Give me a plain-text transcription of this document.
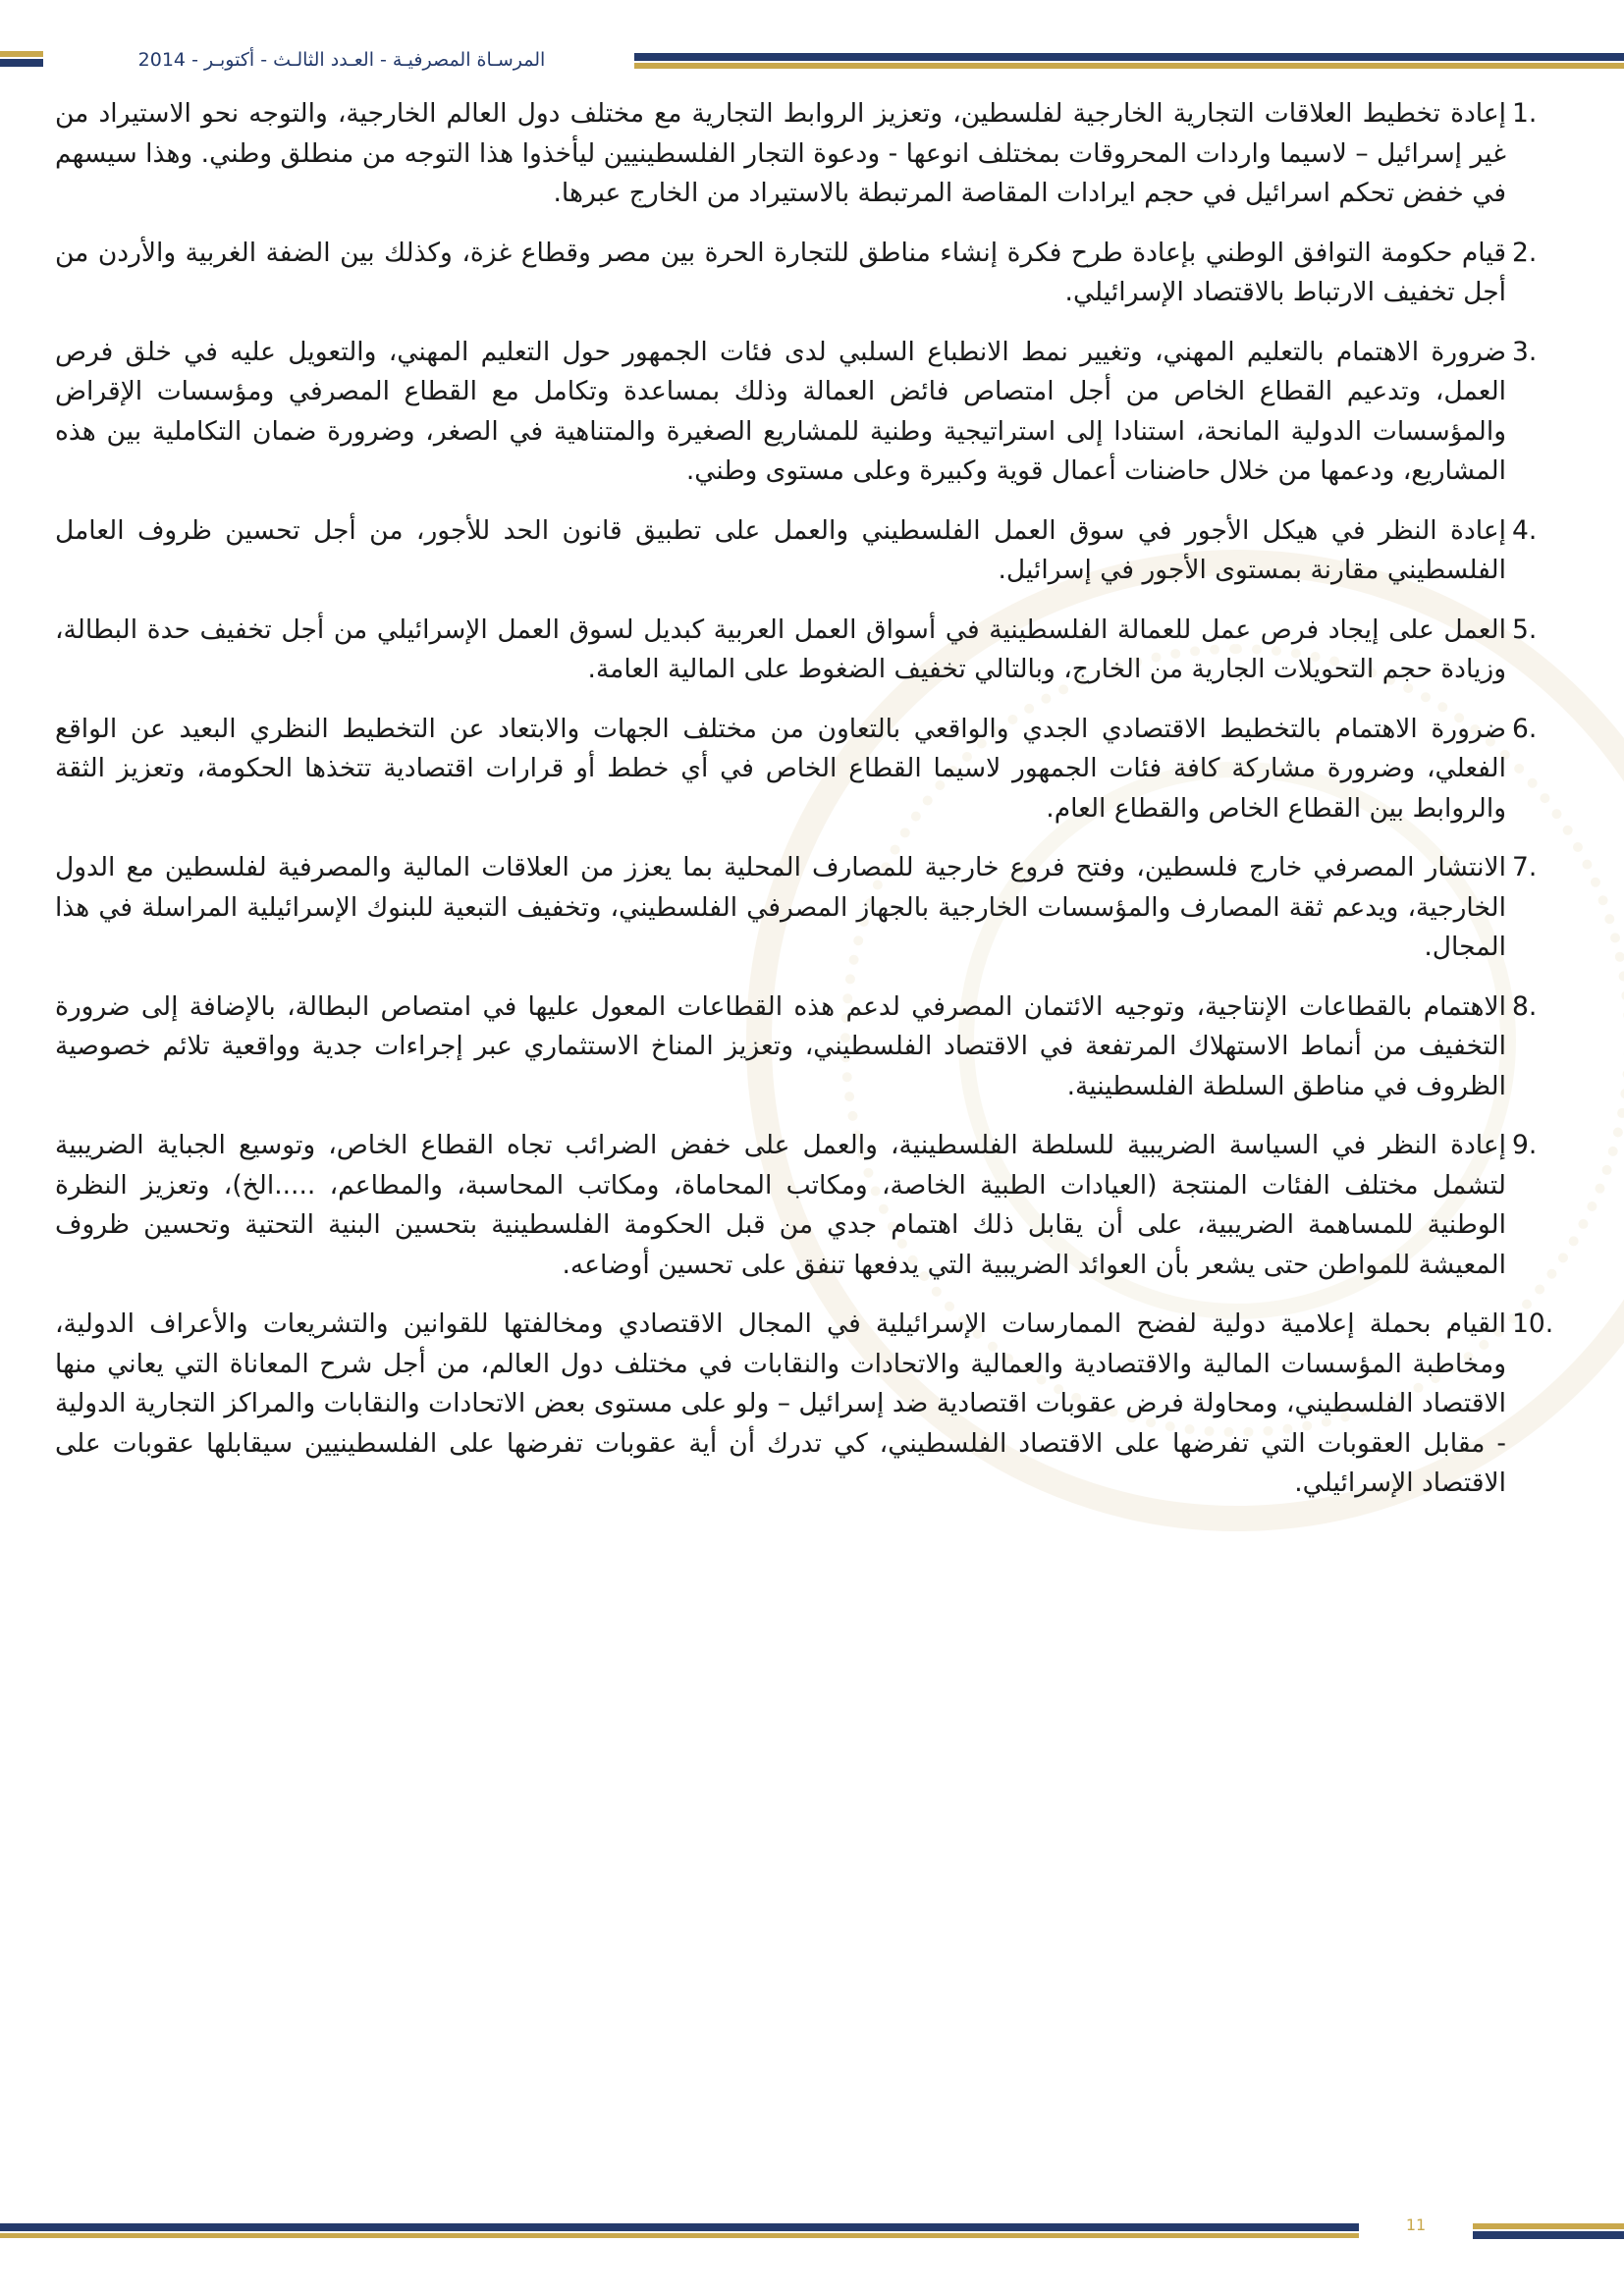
المرسـاة المصرفيـة - العـدد الثالـث - أكتوبـر - 2014
1.
إعادة تخطيط العلاقات التجارية الخارجية لفلسطين، وتعزيز الروابط التجارية مع مختلف دول العالم الخارجية، والتوجه نحو الاستيراد من غير إسرائيل – لاسيما واردات المحروقات بمختلف انوعها - ودعوة التجار الفلسطينيين ليأخذوا هذا التوجه من منطلق وطني. وهذا سيسهم في خفض تحكم اسرائيل في حجم ايرادات المقاصة المرتبطة بالاستيراد من الخارج عبرها.
2.
قيام حكومة التوافق الوطني بإعادة طرح فكرة إنشاء مناطق للتجارة الحرة بين مصر وقطاع غزة، وكذلك بين الضفة الغربية والأردن من أجل تخفيف الارتباط بالاقتصاد الإسرائيلي.
3.
ضرورة الاهتمام بالتعليم المهني، وتغيير نمط الانطباع السلبي لدى فئات الجمهور حول التعليم المهني، والتعويل عليه في خلق فرص العمل، وتدعيم القطاع الخاص من أجل امتصاص فائض العمالة وذلك بمساعدة وتكامل مع القطاع المصرفي ومؤسسات الإقراض والمؤسسات الدولية المانحة، استنادا إلى استراتيجية وطنية للمشاريع الصغيرة والمتناهية في الصغر، وضرورة ضمان التكاملية بين هذه المشاريع، ودعمها من خلال حاضنات أعمال قوية وكبيرة وعلى مستوى وطني.
4.
إعادة النظر في هيكل الأجور في سوق العمل الفلسطيني والعمل على تطبيق قانون الحد للأجور، من أجل تحسين ظروف العامل الفلسطيني مقارنة بمستوى الأجور في إسرائيل.
5.
العمل على إيجاد فرص عمل للعمالة الفلسطينية في أسواق العمل العربية كبديل لسوق العمل الإسرائيلي من أجل تخفيف حدة البطالة، وزيادة حجم التحويلات الجارية من الخارج، وبالتالي تخفيف الضغوط على المالية العامة.
6.
ضرورة الاهتمام بالتخطيط الاقتصادي الجدي والواقعي بالتعاون من مختلف الجهات والابتعاد عن التخطيط النظري البعيد عن الواقع الفعلي، وضرورة مشاركة كافة فئات الجمهور لاسيما القطاع الخاص في أي خطط أو قرارات اقتصادية تتخذها الحكومة، وتعزيز الثقة والروابط بين القطاع الخاص والقطاع العام.
7.
الانتشار المصرفي خارج فلسطين، وفتح فروع خارجية للمصارف المحلية بما يعزز من العلاقات المالية والمصرفية لفلسطين مع الدول الخارجية، ويدعم ثقة المصارف والمؤسسات الخارجية بالجهاز المصرفي الفلسطيني، وتخفيف التبعية للبنوك الإسرائيلية المراسلة في هذا المجال.
8.
الاهتمام بالقطاعات الإنتاجية، وتوجيه الائتمان المصرفي لدعم هذه القطاعات المعول عليها في امتصاص البطالة، بالإضافة إلى ضرورة التخفيف من أنماط الاستهلاك المرتفعة في الاقتصاد الفلسطيني، وتعزيز المناخ الاستثماري عبر إجراءات جدية وواقعية تلائم خصوصية الظروف في مناطق السلطة الفلسطينية.
9.
إعادة النظر في السياسة الضريبية للسلطة الفلسطينية، والعمل على خفض الضرائب تجاه القطاع الخاص، وتوسيع الجباية الضريبية لتشمل مختلف الفئات المنتجة (العيادات الطبية الخاصة، ومكاتب المحاماة، ومكاتب المحاسبة، والمطاعم، .....الخ)، وتعزيز النظرة الوطنية للمساهمة الضريبية، على أن يقابل ذلك اهتمام جدي من قبل الحكومة الفلسطينية بتحسين البنية التحتية وتحسين ظروف المعيشة للمواطن حتى يشعر بأن العوائد الضريبية التي يدفعها تنفق على تحسين أوضاعه.
10.
القيام بحملة إعلامية دولية لفضح الممارسات الإسرائيلية في المجال الاقتصادي ومخالفتها للقوانين والتشريعات والأعراف الدولية، ومخاطبة المؤسسات المالية والاقتصادية والعمالية والاتحادات والنقابات في مختلف دول العالم، من أجل شرح المعاناة التي يعاني منها الاقتصاد الفلسطيني، ومحاولة فرض عقوبات اقتصادية ضد إسرائيل – ولو على مستوى بعض الاتحادات والنقابات والمراكز التجارية الدولية - مقابل العقوبات التي تفرضها على الاقتصاد الفلسطيني، كي تدرك أن أية عقوبات تفرضها على الفلسطينيين سيقابلها عقوبات على الاقتصاد الإسرائيلي.
11
